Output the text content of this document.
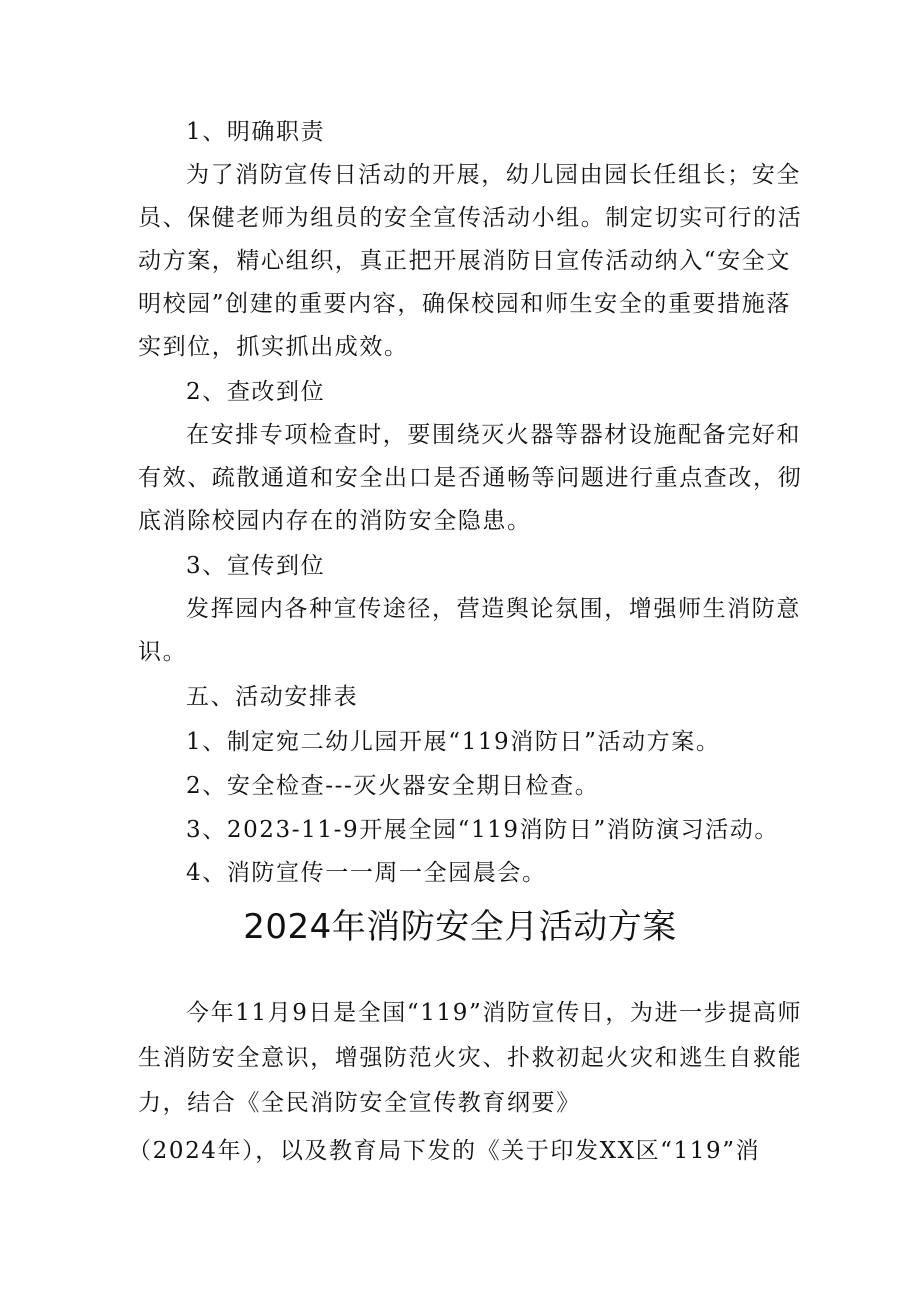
1、明确职责
为了消防宣传日活动的开展，幼儿园由园长任组长；安全
员、保健老师为组员的安全宣传活动小组。制定切实可行的活
动方案，精心组织，真正把开展消防日宣传活动纳入“安全文
明校园”创建的重要内容，确保校园和师生安全的重要措施落
实到位，抓实抓出成效。
2、查改到位
在安排专项检查时，要围绕灭火器等器材设施配备完好和
有效、疏散通道和安全出口是否通畅等问题进行重点查改，彻
底消除校园内存在的消防安全隐患。
3、宣传到位
发挥园内各种宣传途径，营造舆论氛围，增强师生消防意
识。
五、活动安排表
1、制定宛二幼儿园开展“119消防日”活动方案。
2、安全检查---灭火器安全期日检查。
3、2023-11-9开展全园“119消防日”消防演习活动。
4、消防宣传一一周一全园晨会。
2024年消防安全月活动方案
今年11月9日是全国“119”消防宣传日，为进一步提高师
生消防安全意识，增强防范火灾、扑救初起火灾和逃生自救能
力，结合《全民消防安全宣传教育纲要》
（2024年），以及教育局下发的《关于印发XX区“119”消
